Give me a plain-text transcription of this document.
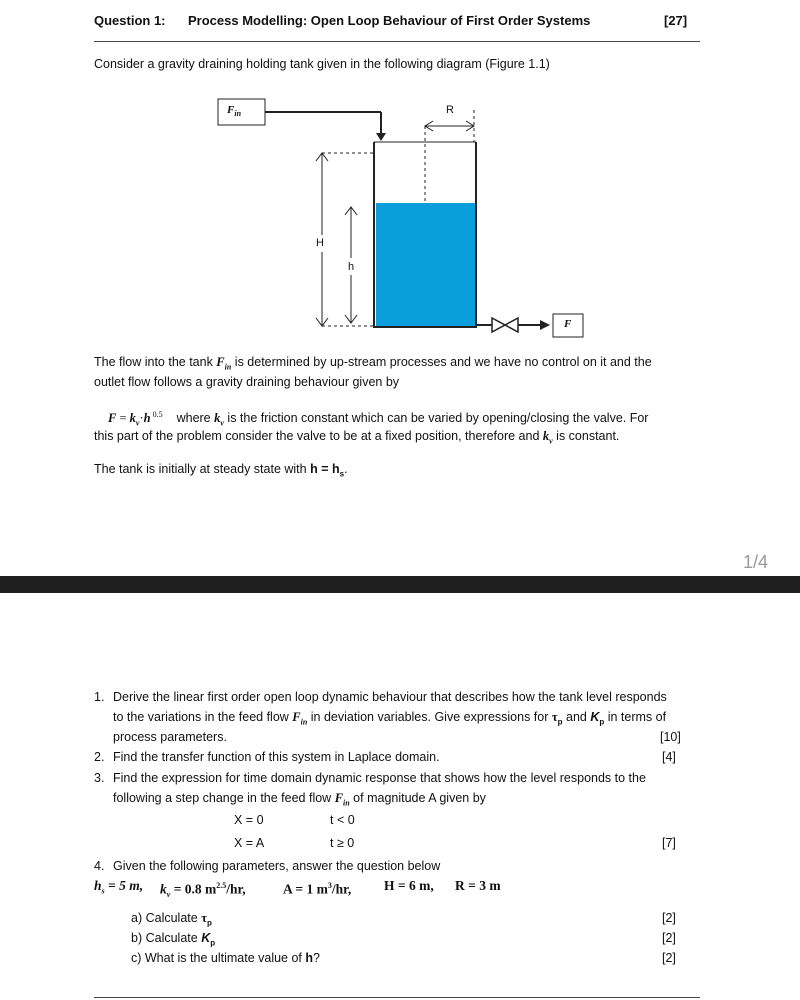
Question 1: Process Modelling: Open Loop Behaviour of First Order Systems	[27]
Consider a gravity draining holding tank given in the following diagram (Figure 1.1)
$F_{in}$	R
H
h
F
The flow into the tank $F_{in}$ is determined by up-stream processes and we have no control on it and the
outlet flow follows a gravity draining behaviour given by
$F = k_v\cdot h$ $^{0.5}$ where $k_v$ is the friction constant which can be varied by opening/closing the valve. For
this part of the problem consider the valve to be at a fixed position, therefore and $k_v$ is constant.
The tank is initially at steady state with $h = h_s$.
1/4
1. Derive the linear first order open loop dynamic behaviour that describes how the tank level responds
to the variations in the feed flow $F_{in}$ in deviation variables. Give expressions for $\tau_p$ and $K_p$ in terms of
process parameters.	[10]
2. Find the transfer function of this system in Laplace domain.	[4]
3. Find the expression for time domain dynamic response that shows how the level responds to the
following a step change in the feed flow $F_{in}$ of magnitude A given by
X = 0	t < 0
X = A	t ≥ 0	[7]
4. Given the following parameters, answer the question below
$h_s = 5$ m, $k_v = 0.8$ $m^{2.5}/hr$,	A = 1 $m^3/hr$, H = 6 m, R = 3 m
a) Calculate $\tau_p$	[2]
b) Calculate $K_p$	[2]
c) What is the ultimate value of h?	[2]
